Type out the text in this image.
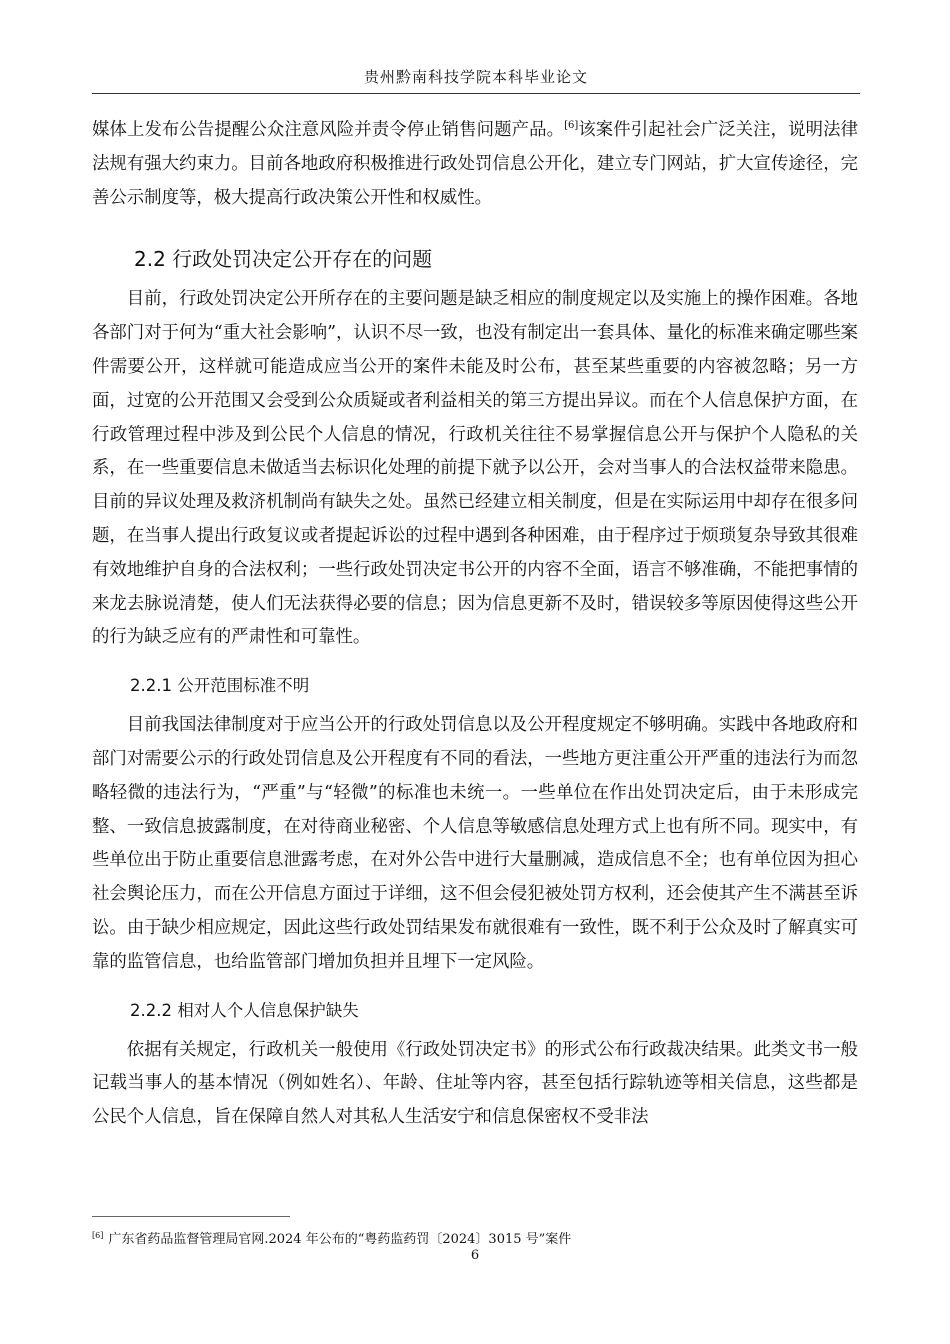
贵州黔南科技学院本科毕业论文

媒体上发布公告提醒公众注意风险并责令停止销售问题产品。[6]该案件引起社会广泛关注，说明法律法规有强大约束力。目前各地政府积极推进行政处罚信息公开化，建立专门网站，扩大宣传途径，完善公示制度等，极大提高行政决策公开性和权威性。

2.2 行政处罚决定公开存在的问题

目前，行政处罚决定公开所存在的主要问题是缺乏相应的制度规定以及实施上的操作困难。各地各部门对于何为“重大社会影响”，认识不尽一致，也没有制定出一套具体、量化的标准来确定哪些案件需要公开，这样就可能造成应当公开的案件未能及时公布，甚至某些重要的内容被忽略；另一方面，过宽的公开范围又会受到公众质疑或者利益相关的第三方提出异议。而在个人信息保护方面，在行政管理过程中涉及到公民个人信息的情况，行政机关往往不易掌握信息公开与保护个人隐私的关系，在一些重要信息未做适当去标识化处理的前提下就予以公开，会对当事人的合法权益带来隐患。目前的异议处理及救济机制尚有缺失之处。虽然已经建立相关制度，但是在实际运用中却存在很多问题，在当事人提出行政复议或者提起诉讼的过程中遇到各种困难，由于程序过于烦琐复杂导致其很难有效地维护自身的合法权利；一些行政处罚决定书公开的内容不全面，语言不够准确，不能把事情的来龙去脉说清楚，使人们无法获得必要的信息；因为信息更新不及时，错误较多等原因使得这些公开的行为缺乏应有的严肃性和可靠性。

2.2.1 公开范围标准不明

目前我国法律制度对于应当公开的行政处罚信息以及公开程度规定不够明确。实践中各地政府和部门对需要公示的行政处罚信息及公开程度有不同的看法，一些地方更注重公开严重的违法行为而忽略轻微的违法行为，“严重”与“轻微”的标准也未统一。一些单位在作出处罚决定后，由于未形成完整、一致信息披露制度，在对待商业秘密、个人信息等敏感信息处理方式上也有所不同。现实中，有些单位出于防止重要信息泄露考虑，在对外公告中进行大量删减，造成信息不全；也有单位因为担心社会舆论压力，而在公开信息方面过于详细，这不但会侵犯被处罚方权利，还会使其产生不满甚至诉讼。由于缺少相应规定，因此这些行政处罚结果发布就很难有一致性，既不利于公众及时了解真实可靠的监管信息，也给监管部门增加负担并且埋下一定风险。

2.2.2 相对人个人信息保护缺失

依据有关规定，行政机关一般使用《行政处罚决定书》的形式公布行政裁决结果。此类文书一般记载当事人的基本情况（例如姓名）、年龄、住址等内容，甚至包括行踪轨迹等相关信息，这些都是公民个人信息，旨在保障自然人对其私人生活安宁和信息保密权不受非法

[6] 广东省药品监督管理局官网.2024 年公布的“粤药监药罚〔2024〕3015 号”案件
6
